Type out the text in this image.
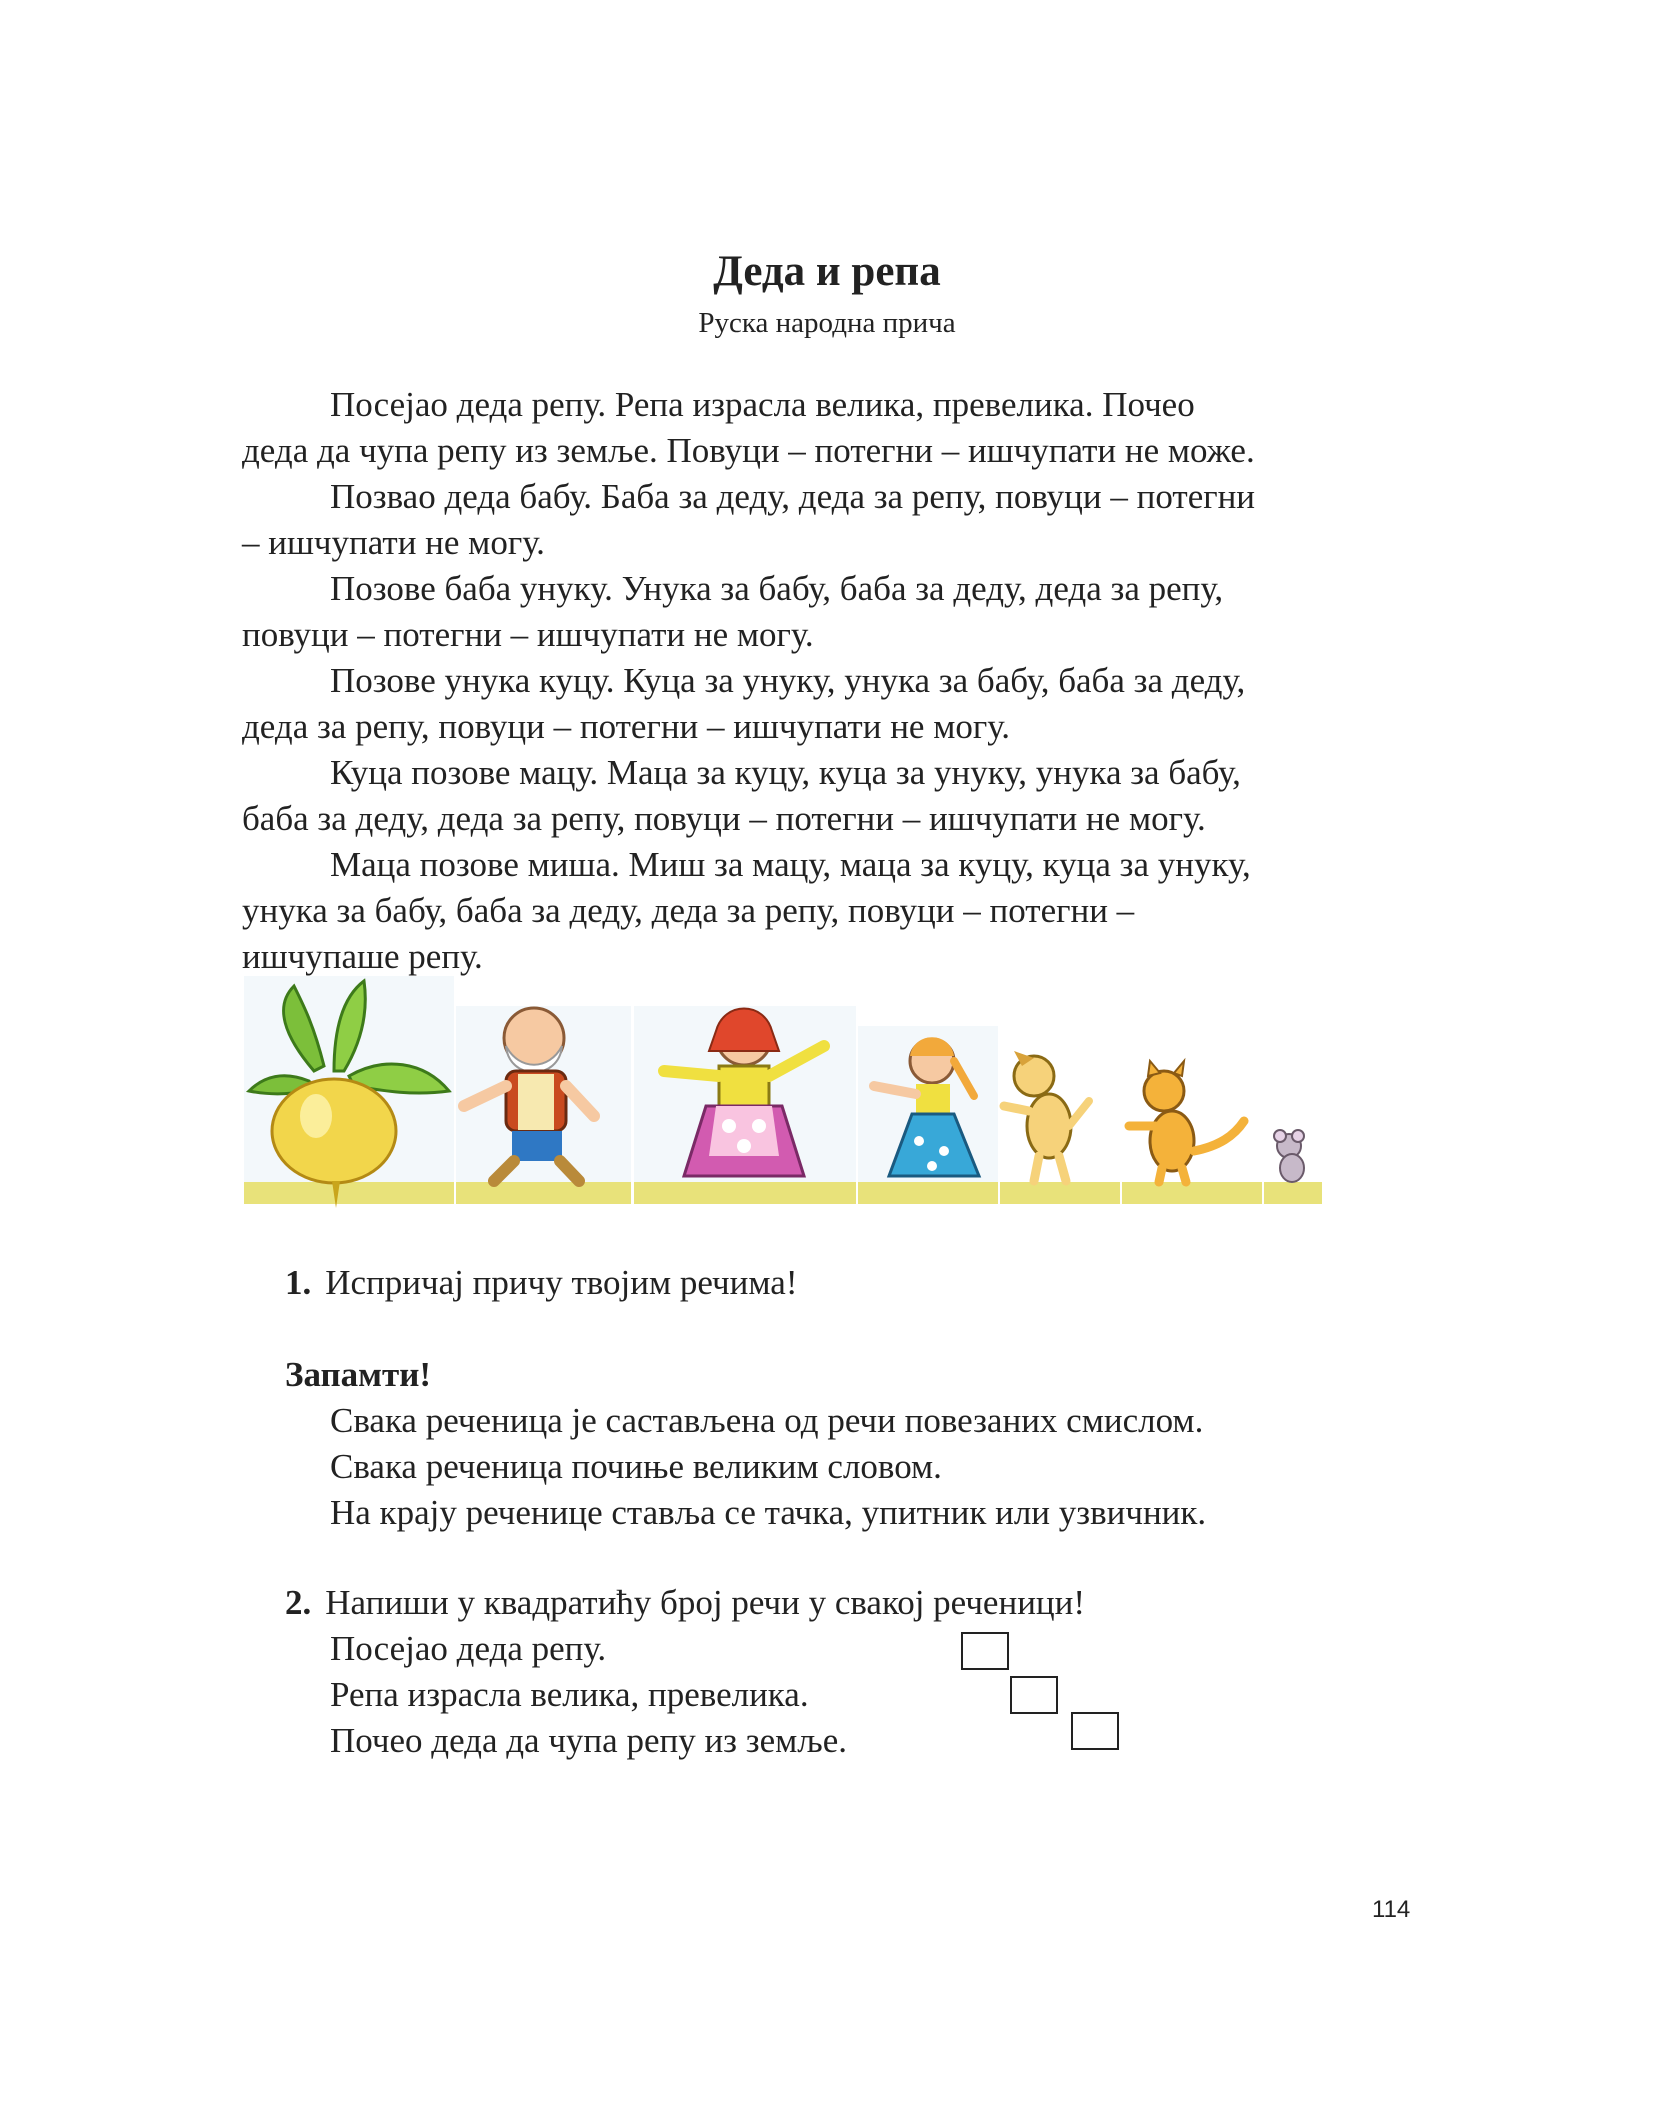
Деда и репа
Руска народна прича
Посејао деда репу. Репа израсла велика, превелика. Почео
деда да чупа репу из земље. Повуци – потегни – ишчупати не може.
Позвао деда бабу. Баба за деду, деда за репу, повуци – потегни
– ишчупати не могу.
Позове баба унуку. Унука за бабу, баба за деду, деда за репу,
повуци – потегни – ишчупати не могу.
Позове унука куцу. Куца за унуку, унука за бабу, баба за деду,
деда за репу, повуци – потегни – ишчупати не могу.
Куца позове мацу. Маца за куцу, куца за унуку, унука за бабу,
баба за деду, деда за репу, повуци – потегни – ишчупати не могу.
Маца позове миша. Миш за мацу, маца за куцу, куца за унуку,
унука за бабу, баба за деду, деда за репу, повуци – потегни –
ишчупаше репу.
1. Испричај причу твојим речима!
Запамти!
Свака реченица је састављена од речи повезаних смислом.
Свака реченица почиње великим словом.
На крају реченице ставља се тачка, упитник или узвичник.
2. Напиши у квадратићу број речи у свакој реченици!
Посејао деда репу.
Репа израсла велика, превелика.
Почео деда да чупа репу из земље.
114
